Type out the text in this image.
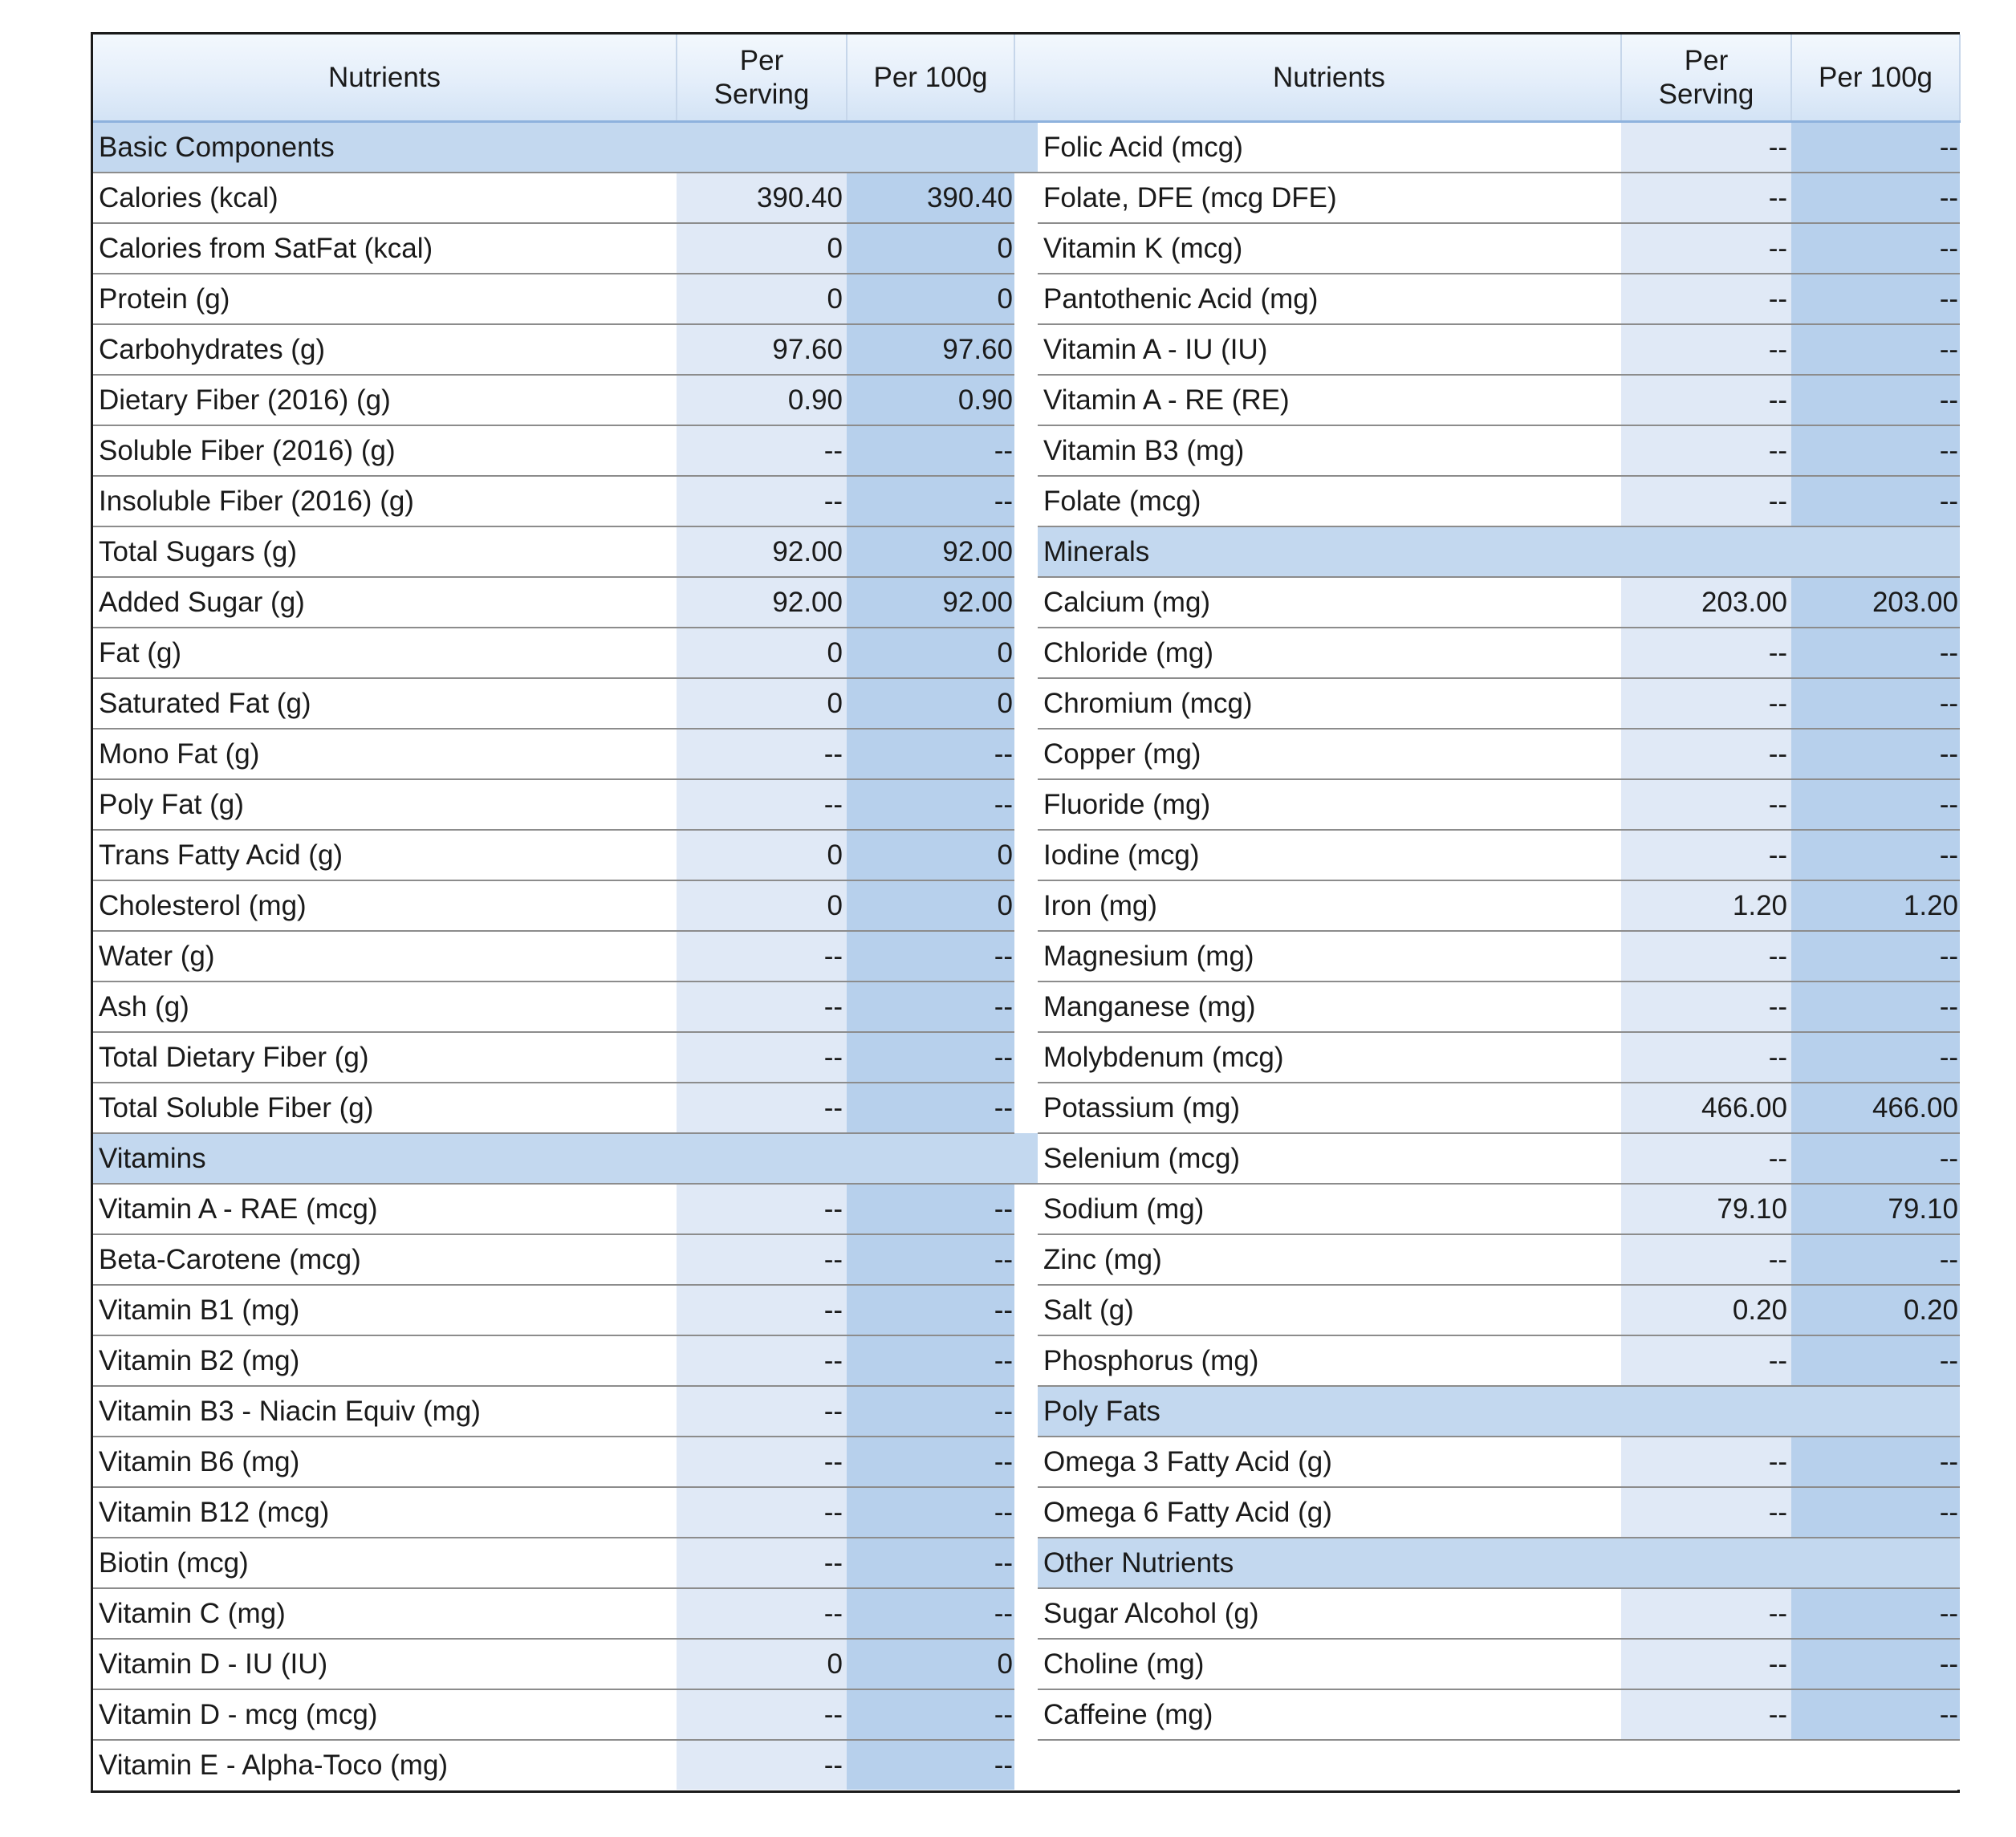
Nutrients	Per Serving	Per 100g	
Basic Components			
Calories (kcal)	390.40	390.40	
Calories from SatFat (kcal)	0	0	
Protein (g)	0	0	
Carbohydrates (g)	97.60	97.60	
Dietary Fiber (2016) (g)	0.90	0.90	
Soluble Fiber (2016) (g)	--	--	
Insoluble Fiber (2016) (g)	--	--	
Total Sugars (g)	92.00	92.00	
Added Sugar (g)	92.00	92.00	
Fat (g)	0	0	
Saturated Fat (g)	0	0	
Mono Fat (g)	--	--	
Poly Fat (g)	--	--	
Trans Fatty Acid (g)	0	0	
Cholesterol (mg)	0	0	
Water (g)	--	--	
Ash (g)	--	--	
Total Dietary Fiber (g)	--	--	
Total Soluble Fiber (g)	--	--	
Vitamins			
Vitamin A - RAE (mcg)	--	--	
Beta-Carotene (mcg)	--	--	
Vitamin B1 (mg)	--	--	
Vitamin B2 (mg)	--	--	
Vitamin B3 - Niacin Equiv (mg)	--	--	
Vitamin B6 (mg)	--	--	
Vitamin B12 (mcg)	--	--	
Biotin (mcg)	--	--	
Vitamin C (mg)	--	--	
Vitamin D - IU (IU)	0	0	
Vitamin D - mcg (mcg)	--	--	
Vitamin E - Alpha-Toco (mg)	--	--	
Nutrients	Per Serving	Per 100g
Folic Acid (mcg)	--	--
Folate, DFE (mcg DFE)	--	--
Vitamin K (mcg)	--	--
Pantothenic Acid (mg)	--	--
Vitamin A - IU (IU)	--	--
Vitamin A - RE (RE)	--	--
Vitamin B3 (mg)	--	--
Folate (mcg)	--	--
Minerals		
Calcium (mg)	203.00	203.00
Chloride (mg)	--	--
Chromium (mcg)	--	--
Copper (mg)	--	--
Fluoride (mg)	--	--
Iodine (mcg)	--	--
Iron (mg)	1.20	1.20
Magnesium (mg)	--	--
Manganese (mg)	--	--
Molybdenum (mcg)	--	--
Potassium (mg)	466.00	466.00
Selenium (mcg)	--	--
Sodium (mg)	79.10	79.10
Zinc (mg)	--	--
Salt (g)	0.20	0.20
Phosphorus (mg)	--	--
Poly Fats		
Omega 3 Fatty Acid (g)	--	--
Omega 6 Fatty Acid (g)	--	--
Other Nutrients		
Sugar Alcohol (g)	--	--
Choline (mg)	--	--
Caffeine (mg)	--	--
